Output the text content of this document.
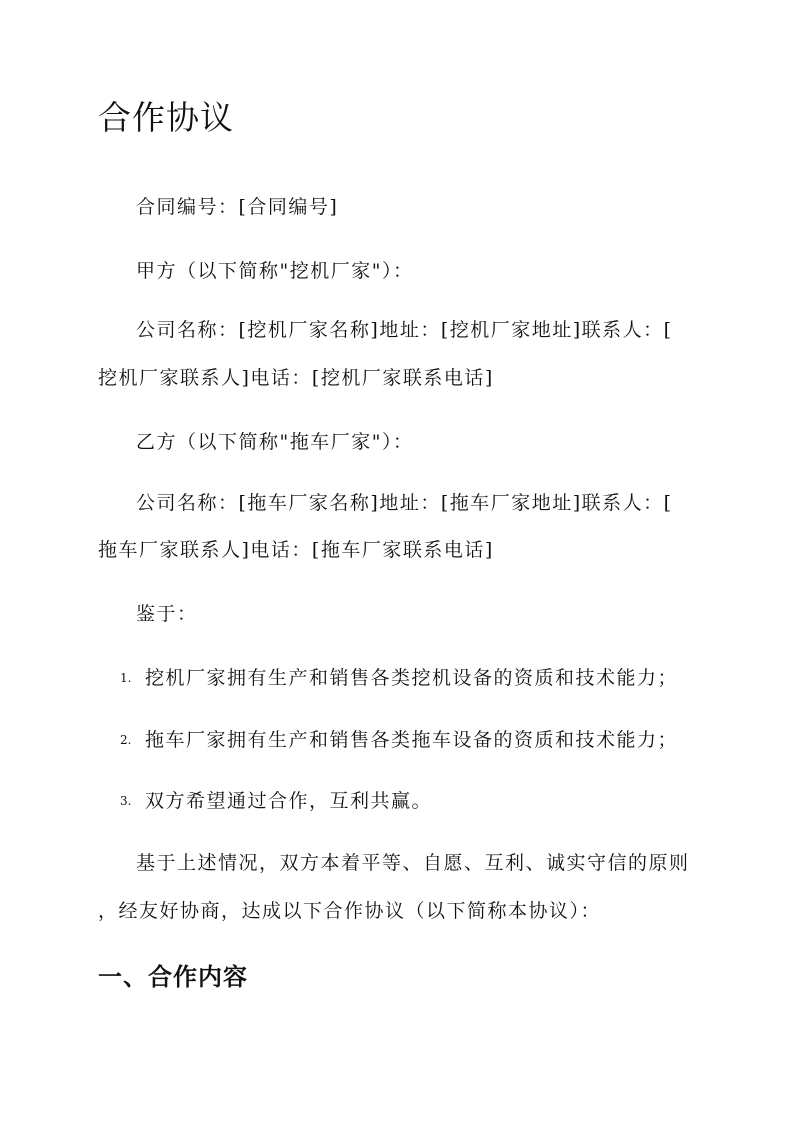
合作协议

合同编号：[合同编号]

甲方（以下简称"挖机厂家"）：

公司名称：[挖机厂家名称]地址：[挖机厂家地址]联系人：[

挖机厂家联系人]电话：[挖机厂家联系电话]

乙方（以下简称"拖车厂家"）：

公司名称：[拖车厂家名称]地址：[拖车厂家地址]联系人：[

拖车厂家联系人]电话：[拖车厂家联系电话]

鉴于：

1. 挖机厂家拥有生产和销售各类挖机设备的资质和技术能力；

2. 拖车厂家拥有生产和销售各类拖车设备的资质和技术能力；

3. 双方希望通过合作，互利共赢。

基于上述情况，双方本着平等、自愿、互利、诚实守信的原则

，经友好协商，达成以下合作协议（以下简称本协议）：

一、合作内容
